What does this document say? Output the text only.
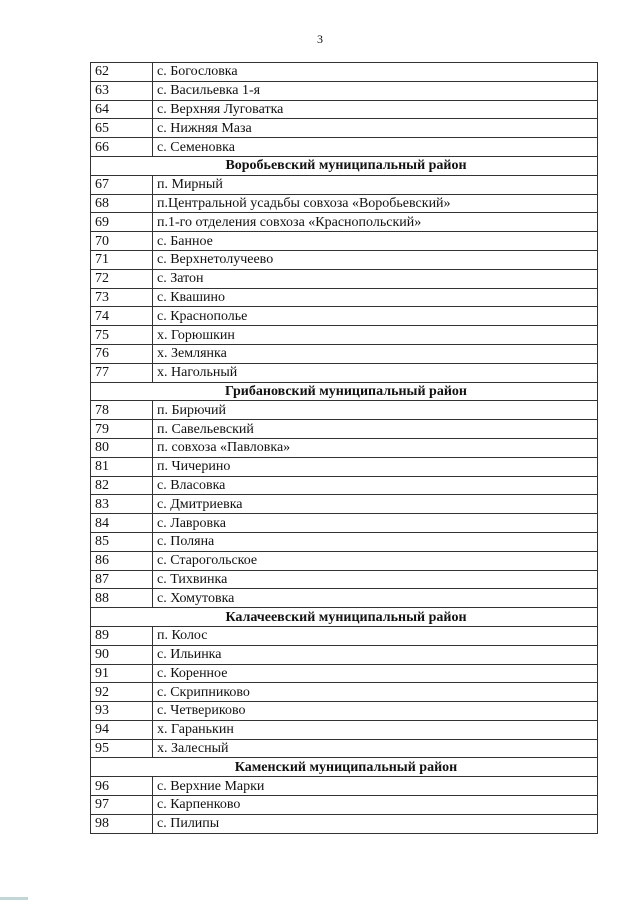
3
62	с. Богословка
63	с. Васильевка 1-я
64	с. Верхняя Луговатка
65	с. Нижняя Маза
66	с. Семеновка
Воробьевский муниципальный район	
67	п. Мирный
68	п.Центральной усадьбы совхоза «Воробьевский»
69	п.1-го отделения совхоза «Краснопольский»
70	с. Банное
71	с. Верхнетолучеево
72	с. Затон
73	с. Квашино
74	с. Краснополье
75	х. Горюшкин
76	х. Землянка
77	х. Нагольный
Грибановский муниципальный район	
78	п. Бирючий
79	п. Савельевский
80	п. совхоза «Павловка»
81	п. Чичерино
82	с. Власовка
83	с. Дмитриевка
84	с. Лавровка
85	с. Поляна
86	с. Старогольское
87	с. Тихвинка
88	с. Хомутовка
Калачеевский муниципальный район	
89	п. Колос
90	с. Ильинка
91	с. Коренное
92	с. Скрипниково
93	с. Четвериково
94	х. Гаранькин
95	х. Залесный
Каменский муниципальный район	
96	с. Верхние Марки
97	с. Карпенково
98	с. Пилипы
